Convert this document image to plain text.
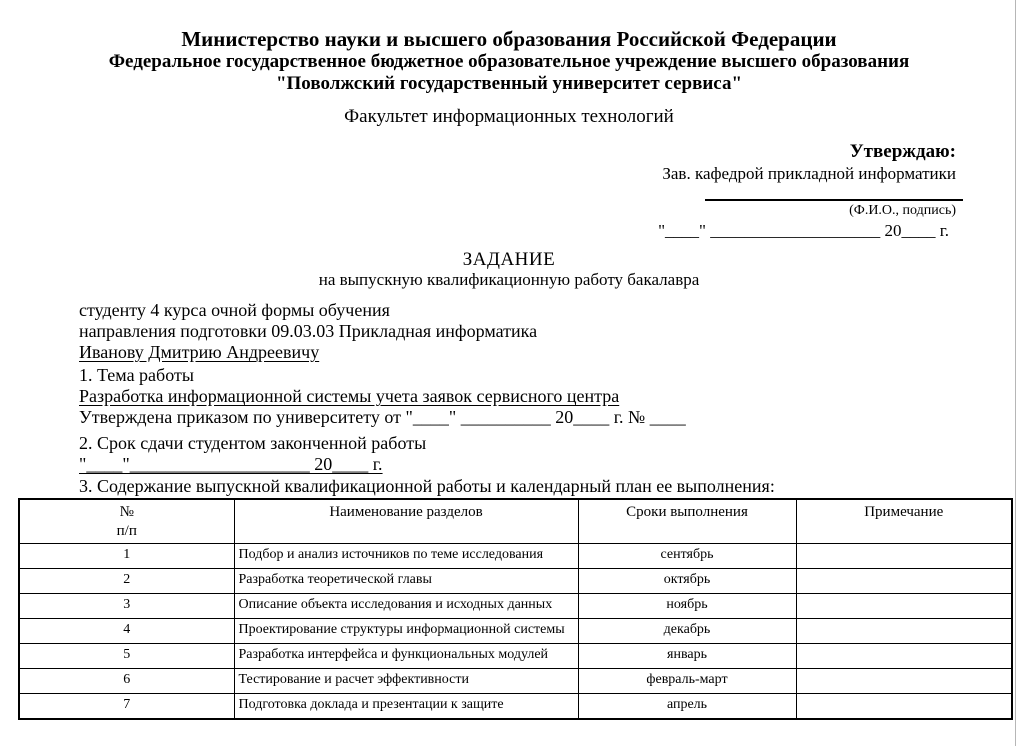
Министерство науки и высшего образования Российской Федерации
Федеральное государственное бюджетное образовательное учреждение высшего образования
"Поволжский государственный университет сервиса"
Факультет информационных технологий
Утверждаю:
Зав. кафедрой прикладной информатики
(Ф.И.О., подпись)
"____" ____________________ 20____ г.
ЗАДАНИЕ
на выпускную квалификационную работу бакалавра

студенту 4 курса очной формы обучения

направления подготовки 09.03.03 Прикладная информатика

Иванову Дмитрию Андреевичу

1. Тема работы

Разработка информационной системы учета заявок сервисного центра

Утверждена приказом по университету от "____" __________ 20____ г. № ____

2. Срок сдачи студентом законченной работы

"____"____________________ 20____ г.

3. Содержание выпускной квалификационной работы и календарный план ее выполнения:

№
п/п	Наименование разделов	Сроки выполнения	Примечание
1	Подбор и анализ источников по теме исследования	сентябрь	
2	Разработка теоретической главы	октябрь	
3	Описание объекта исследования и исходных данных	ноябрь	
4	Проектирование структуры информационной системы	декабрь	
5	Разработка интерфейса и функциональных модулей	январь	
6	Тестирование и расчет эффективности	февраль-март	
7	Подготовка доклада и презентации к защите	апрель	
